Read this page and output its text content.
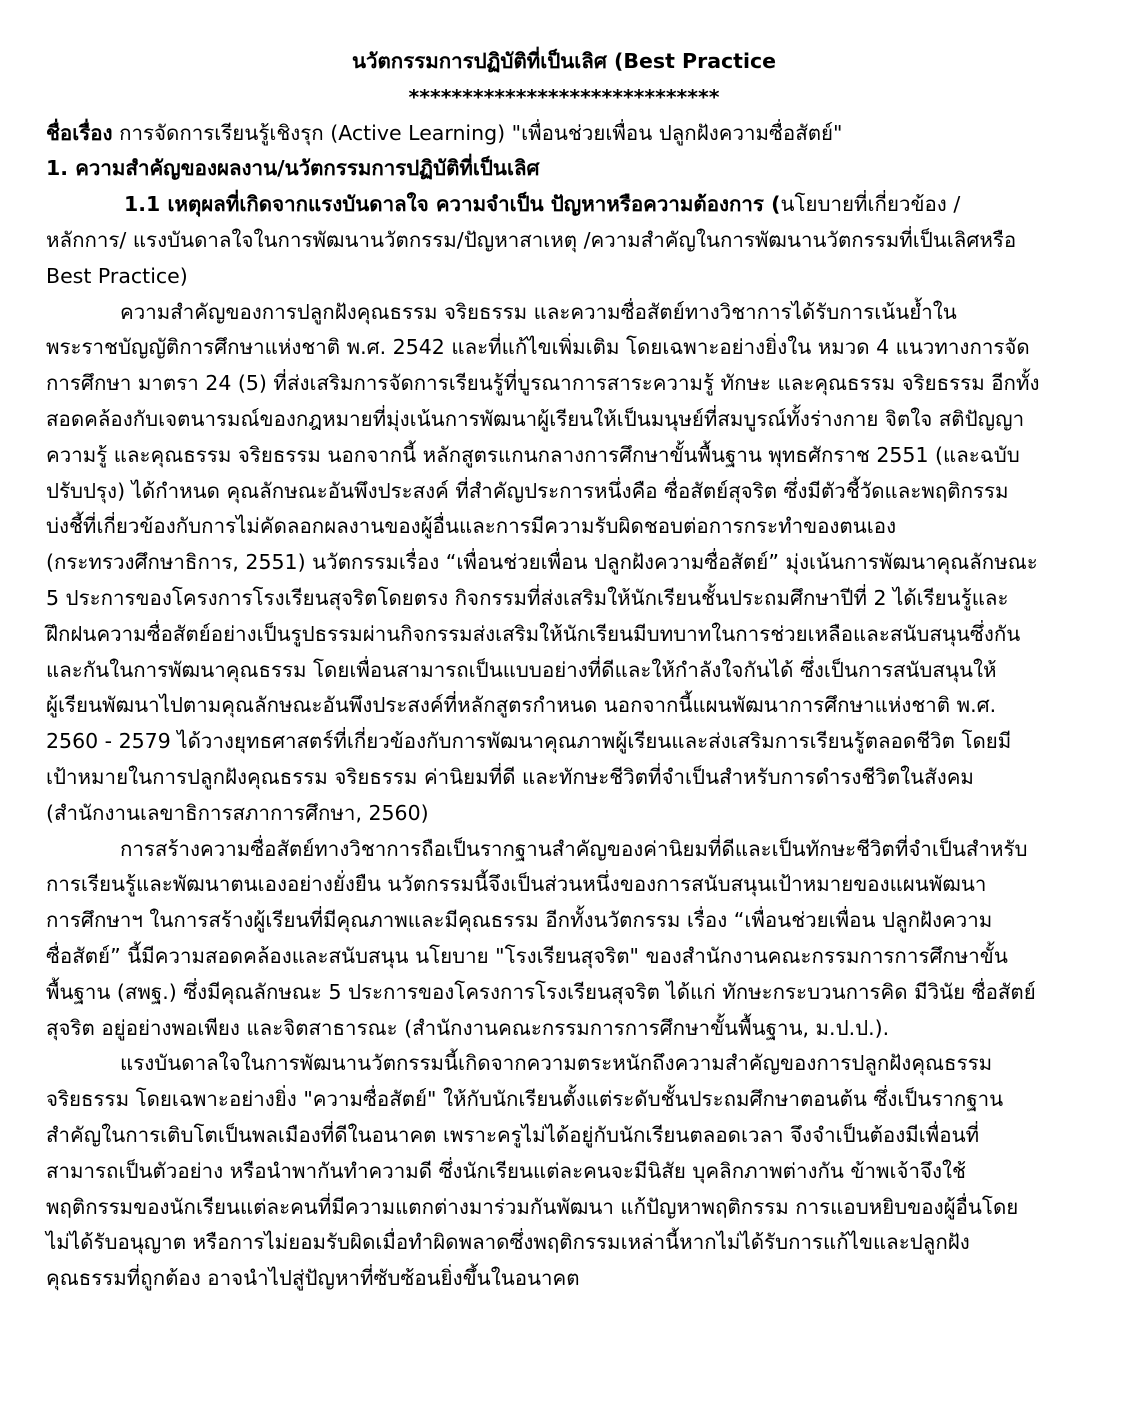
นวัตกรรมการปฏิบัติที่เป็นเลิศ (Best Practice

*****************************

ชื่อเรื่อง การจัดการเรียนรู้เชิงรุก (Active Learning) "เพื่อนช่วยเพื่อน ปลูกฝังความซื่อสัตย์"

1. ความสำคัญของผลงาน/นวัตกรรมการปฏิบัติที่เป็นเลิศ

1.1 เหตุผลที่เกิดจากแรงบันดาลใจ ความจำเป็น ปัญหาหรือความต้องการ (นโยบายที่เกี่ยวข้อง /

หลักการ/ แรงบันดาลใจในการพัฒนานวัตกรรม/ปัญหาสาเหตุ /ความสำคัญในการพัฒนานวัตกรรมที่เป็นเลิศหรือ

Best Practice)

ความสำคัญของการปลูกฝังคุณธรรม จริยธรรม และความซื่อสัตย์ทางวิชาการได้รับการเน้นย้ำใน

พระราชบัญญัติการศึกษาแห่งชาติ พ.ศ. 2542 และที่แก้ไขเพิ่มเติม โดยเฉพาะอย่างยิ่งใน หมวด 4 แนวทางการจัด

การศึกษา มาตรา 24 (5) ที่ส่งเสริมการจัดการเรียนรู้ที่บูรณาการสาระความรู้ ทักษะ และคุณธรรม จริยธรรม อีกทั้ง

สอดคล้องกับเจตนารมณ์ของกฎหมายที่มุ่งเน้นการพัฒนาผู้เรียนให้เป็นมนุษย์ที่สมบูรณ์ทั้งร่างกาย จิตใจ สติปัญญา

ความรู้ และคุณธรรม จริยธรรม นอกจากนี้ หลักสูตรแกนกลางการศึกษาขั้นพื้นฐาน พุทธศักราช 2551 (และฉบับ

ปรับปรุง) ได้กำหนด คุณลักษณะอันพึงประสงค์ ที่สำคัญประการหนึ่งคือ ซื่อสัตย์สุจริต ซึ่งมีตัวชี้วัดและพฤติกรรม

บ่งชี้ที่เกี่ยวข้องกับการไม่คัดลอกผลงานของผู้อื่นและการมีความรับผิดชอบต่อการกระทำของตนเอง

(กระทรวงศึกษาธิการ, 2551) นวัตกรรมเรื่อง “เพื่อนช่วยเพื่อน ปลูกฝังความซื่อสัตย์” มุ่งเน้นการพัฒนาคุณลักษณะ

5 ประการของโครงการโรงเรียนสุจริตโดยตรง กิจกรรมที่ส่งเสริมให้นักเรียนชั้นประถมศึกษาปีที่ 2 ได้เรียนรู้และ

ฝึกฝนความซื่อสัตย์อย่างเป็นรูปธรรมผ่านกิจกรรมส่งเสริมให้นักเรียนมีบทบาทในการช่วยเหลือและสนับสนุนซึ่งกัน

และกันในการพัฒนาคุณธรรม โดยเพื่อนสามารถเป็นแบบอย่างที่ดีและให้กำลังใจกันได้ ซึ่งเป็นการสนับสนุนให้

ผู้เรียนพัฒนาไปตามคุณลักษณะอันพึงประสงค์ที่หลักสูตรกำหนด นอกจากนี้แผนพัฒนาการศึกษาแห่งชาติ พ.ศ.

2560 - 2579 ได้วางยุทธศาสตร์ที่เกี่ยวข้องกับการพัฒนาคุณภาพผู้เรียนและส่งเสริมการเรียนรู้ตลอดชีวิต โดยมี

เป้าหมายในการปลูกฝังคุณธรรม จริยธรรม ค่านิยมที่ดี และทักษะชีวิตที่จำเป็นสำหรับการดำรงชีวิตในสังคม

(สำนักงานเลขาธิการสภาการศึกษา, 2560)

การสร้างความซื่อสัตย์ทางวิชาการถือเป็นรากฐานสำคัญของค่านิยมที่ดีและเป็นทักษะชีวิตที่จำเป็นสำหรับ

การเรียนรู้และพัฒนาตนเองอย่างยั่งยืน นวัตกรรมนี้จึงเป็นส่วนหนึ่งของการสนับสนุนเป้าหมายของแผนพัฒนา

การศึกษาฯ ในการสร้างผู้เรียนที่มีคุณภาพและมีคุณธรรม อีกทั้งนวัตกรรม เรื่อง “เพื่อนช่วยเพื่อน ปลูกฝังความ

ซื่อสัตย์” นี้มีความสอดคล้องและสนับสนุน นโยบาย "โรงเรียนสุจริต" ของสำนักงานคณะกรรมการการศึกษาขั้น

พื้นฐาน (สพฐ.) ซึ่งมีคุณลักษณะ 5 ประการของโครงการโรงเรียนสุจริต ได้แก่ ทักษะกระบวนการคิด มีวินัย ซื่อสัตย์

สุจริต อยู่อย่างพอเพียง และจิตสาธารณะ (สำนักงานคณะกรรมการการศึกษาขั้นพื้นฐาน, ม.ป.ป.).

แรงบันดาลใจในการพัฒนานวัตกรรมนี้เกิดจากความตระหนักถึงความสำคัญของการปลูกฝังคุณธรรม

จริยธรรม โดยเฉพาะอย่างยิ่ง "ความซื่อสัตย์" ให้กับนักเรียนตั้งแต่ระดับชั้นประถมศึกษาตอนต้น ซึ่งเป็นรากฐาน

สำคัญในการเติบโตเป็นพลเมืองที่ดีในอนาคต เพราะครูไม่ได้อยู่กับนักเรียนตลอดเวลา จึงจำเป็นต้องมีเพื่อนที่

สามารถเป็นตัวอย่าง หรือนำพากันทำความดี ซึ่งนักเรียนแต่ละคนจะมีนิสัย บุคลิกภาพต่างกัน ข้าพเจ้าจึงใช้

พฤติกรรมของนักเรียนแต่ละคนที่มีความแตกต่างมาร่วมกันพัฒนา แก้ปัญหาพฤติกรรม การแอบหยิบของผู้อื่นโดย

ไม่ได้รับอนุญาต หรือการไม่ยอมรับผิดเมื่อทำผิดพลาดซึ่งพฤติกรรมเหล่านี้หากไม่ได้รับการแก้ไขและปลูกฝัง

คุณธรรมที่ถูกต้อง อาจนำไปสู่ปัญหาที่ซับซ้อนยิ่งขึ้นในอนาคต
